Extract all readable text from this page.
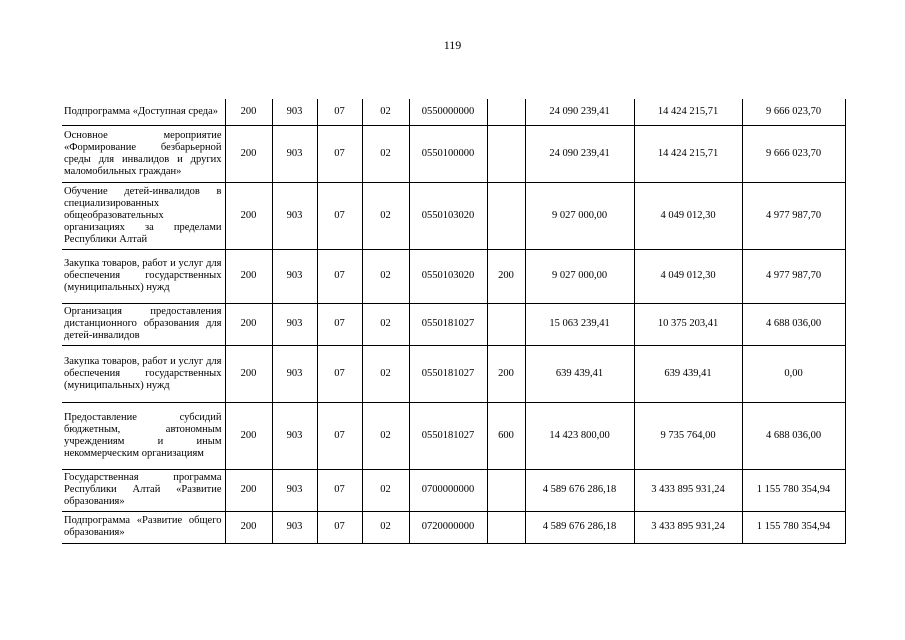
119
Подпрограмма «Доступная среда»	200	903	07	02	0550000000		24 090 239,41	14 424 215,71	9 666 023,70
Основное мероприятие «Формирование безбарьерной среды для инвалидов и других маломобильных граждан»	200	903	07	02	0550100000		24 090 239,41	14 424 215,71	9 666 023,70
Обучение детей-инвалидов в специализированных общеобразовательных организациях за пределами Республики Алтай	200	903	07	02	0550103020		9 027 000,00	4 049 012,30	4 977 987,70
Закупка товаров, работ и услуг для обеспечения государственных (муниципальных) нужд	200	903	07	02	0550103020	200	9 027 000,00	4 049 012,30	4 977 987,70
Организация предоставления дистанционного образования для детей-инвалидов	200	903	07	02	0550181027		15 063 239,41	10 375 203,41	4 688 036,00
Закупка товаров, работ и услуг для обеспечения государственных (муниципальных) нужд	200	903	07	02	0550181027	200	639 439,41	639 439,41	0,00
Предоставление субсидий бюджетным, автономным учреждениям и иным некоммерческим организациям	200	903	07	02	0550181027	600	14 423 800,00	9 735 764,00	4 688 036,00
Государственная программа Республики Алтай «Развитие образования»	200	903	07	02	0700000000		4 589 676 286,18	3 433 895 931,24	1 155 780 354,94
Подпрограмма «Развитие общего образования»	200	903	07	02	0720000000		4 589 676 286,18	3 433 895 931,24	1 155 780 354,94
